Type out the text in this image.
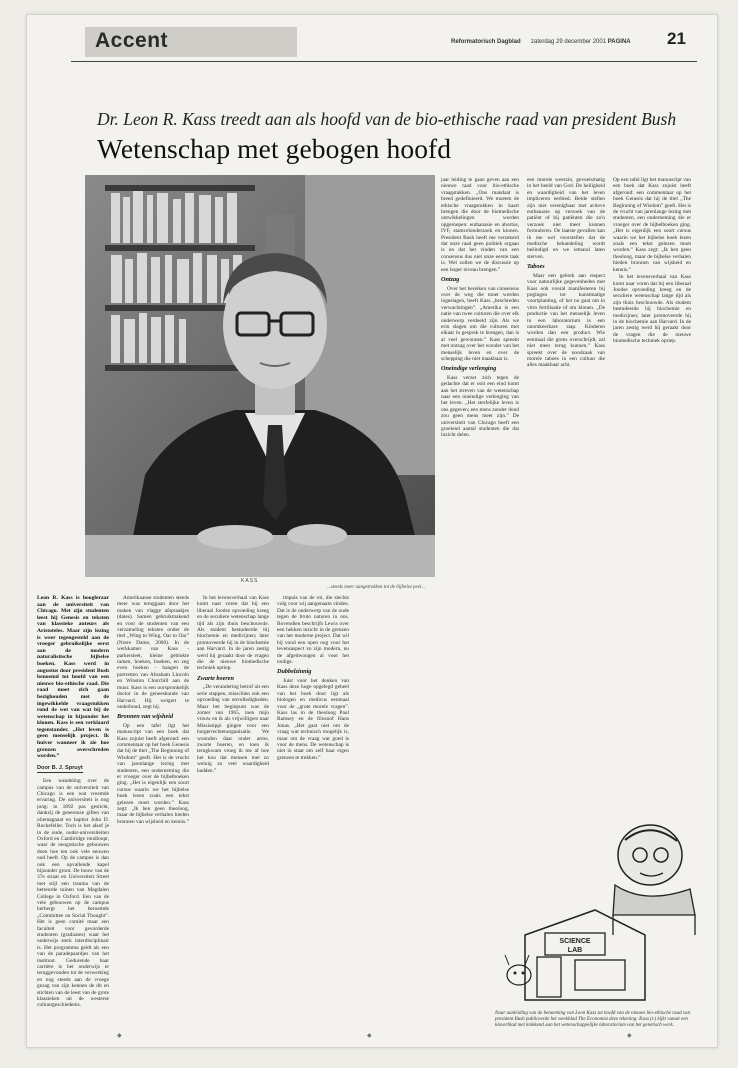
Accent	Reformatorisch Dagblad zaterdag 29 december 2001 PAGINA 21
Dr. Leon R. Kass treedt aan als hoofd van de bio-ethische raad van president Bush
Wetenschap met gebogen hoofd
KASS
...steeds meer aangetrokken tot de bijbelse peel...

Leon R. Kass is hoogleraar aan de universiteit van Chicago. Met zijn studenten leest hij Genesis en teksten van klassieke auteurs als Aristoteles. Maar zijn lezing is weer tegengesteld aan de vroeger gebruikelijke eerst aan de modern naturalistische bijbelse boeken. Kass werd in augustus door president Bush benoemd tot hoofd van een nieuwe bio-ethische raad. Die raad moet zich gaan bezighouden met de ingewikkelde vraagstukken rond de wet van wat bij de wetenschap in bijzonder het klonen. Kass is een verklaard tegenstander. „Het leven is geen menselijk project. Ik huiver wanneer ik zie hoe grenzen overschreden worden.”

Door B. J. Spruyt

Een wandeling over de campus van de universiteit van Chicago is een wat vreemde ervaring. De universiteit is nog jong: in 1892 pas gesticht, dankzij de genereuze giften van oliemagnaat en baptist John D. Rockefeller. Toch is het alsof je in de oude, oudst-universiteiten Oxford en Cambridge rondloopt, waar de neogotische gebouwen doen hoe ten ook vele eeuwen oud heeft. Op de campus is dan ook een opvallende kapel bijzonder groot. De bouw van de 37e straat en Universiteit Street met stijl een trauma van de betreurde tuinen van Magdalen College in Oxford. Een van de vele gebouwen op de campus herbergt het beroemde „Committee on Social Thought”. Het is geen comité maar een faculteit voor gevorderde studenten (graduates) waar het onderwijs sterk interdisciplinair is. Het programma geldt als een van de paradepaardjes van het instituut. Gedurende haar carrière is het onderwijs er teruggevonden tot de verwerking en nog steeds aan de vroege gezag van zijn kennen de dit en stichten van de leest van de grote klassieken uit de westerse cultuurgeschiedenis.

Amerikaanse studenten steeds meer was teruggaan door het maken van vlagge afspraakjes (dates). Samen gebruikmakend en voor de studenten van een verzameling teksten onder de titel „Wing to Wing, Oar to Oar” (Notre Dame, 2000). In de werkkamer van Kass -parkersleet, kleine geblokte ramen, boeken, boeken, en zeg even boeken - hangen de portretten van Abraham Lincoln en Winston Churchill aan de muur. Kass is een oorspronkelijk doctor in de geneeskunde van Harvard. Hij weigert te onderhoud, zegt hij.

Bronnen van wijsheid

Op een tafel ligt het manuscript van een boek dat Kass zojuist heeft afgerond: een commentaar op het boek Genesis dat hij de titel „The Beginning of Wisdom” geeft. Het is de vrucht van jarenlange lezing met studenten, een onderneming die er vroeger over de bijbelboeken ging. „Het is eigenlijk een soort cursus waarin we het bijbelse boek lezen zoals een tekst gelezen moet worden.” Kass zegt: „Ik ben geen theoloog, maar de bijbelse verhalen bieden bronnen van wijsheid en kennis.”

In het levensverhaal van Kass komt naar voren dat hij een liberaal Joodse opvoeding kreeg en de seculiere wetenschap lange tijd als zijn thuis beschouwde. Als student bestudeerde hij biochemie en medicijnen; later promoveerde hij in de biochemie aan Harvard. In de jaren zestig werd hij geraakt door de vragen die de nieuwe biomedische techniek opriep.

Zwarte boeren

„De verandering betrof uit een serie stappen, misschien ook een opvoeding van onvolledigheden. Maar het beginpunt was de zomer van 1965, toen mijn vrouw en ik als vrijwilligers naar Mississippi gingen voor een burgerrechtenorganisatie. We woonden daar onder arme, zwarte boeren, en toen ik terugkwam vroeg ik me af hoe het kon dat mensen met zo weinig zo veel waardigheid hadden.”

impuls van de rol, die slechts volg voor wij aangenaam vinden. Dat is de onderwerp van de oude tegen de bruto naturen in ons. Bovendien beschrijfs Lewis over een hekken inzicht in de grenzen van het moderne project. Dat wil hij vond een open oog voor het levensaspect zo zijn modern, nu de afgedwongen al voor het nodige.

Dubbelzinnig

Juist voor het denken van Kass deze hoge opgelegd geheel van het boek door ligt als biologen en medicus eenmaal voor de „grote morele vragen”. Kass las in de theoloog Paul Ramsey en de filosoof Hans Jonas. „Het gaat niet om de vraag wat technisch mogelijk is, maar om de vraag wat goed is voor de mens. De wetenschap is niet in staat om zelf haar eigen grenzen te trekken.”

jaar leiding te gaan geven aan een nieuwe raad voor bio-ethische vraagstukken. „Ons mandaat is breed gedefinieerd. We moeten de ethische vraagstukken in kaart brengen die door de biomedische ontwikkelingen worden opgeroepen: euthanasie en abortus, IVF, stamcelonderzoek en klonen. President Bush heeft me verzekerd dat onze raad geen politiek orgaan is en dat het vinden van een consensus dus niet onze eerste taak is. Wel zullen we de discussie op een hoger niveau brengen.”

Ontzag

Over het bereiken van consensus over de weg die moet worden ingeslagen, heeft Kass „beschreden verwachtingen”. „Amerika is een natie van twee culturen die over elk onderwerp verdeeld zijn. Als we erin slagen om die culturen met elkaar in gesprek te brengen, dan is al veel gewonnen.” Kass spreekt met ontzag over het wonder van het menselijk leven en over de schepping die niet maakbaar is.

Oneindige verlenging

Kass verzet zich tegen de gedachte dat er ooit een eind komt aan het streven van de wetenschap naar een oneindige verlenging van het leven. „Het sterfelijke leven is ons gegeven; een mens zonder dood zou geen mens meer zijn.” De universiteit van Chicago heeft een groeiend aantal studenten die dat inzicht delen.

een morele weerzin, gevoelsmatig in het beeld van God. De heiligheid en waardigheid van het leven impliceren eerbied. Beide stellen zijn niet verenigbaar met actieve euthanasie op verzoek van de patiënt of bij patiënten die zo'n verzoek niet meer kunnen formuleren. De laatste gevallen kan ik me wel voorstellen dat de medische behandeling wordt beëindigd en we iemand laten sterven.

Taboes

Maar een gebrek aan respect voor natuurlijke gegevenheden met Kass ook vooral manifesteren bij pogingen tot kunstmatige voortplanting, of het nu gaat om in vitro fertilisatie of om klonen. „De productie van het menselijk leven in een laboratorium is een onomkeerbare stap. Kinderen worden dan een product. Wie eenmaal die grens overschrijdt, zal niet meer terug kunnen.” Kass spreekt over de noodzaak van morele taboes in een cultuur die alles maakbaar acht.

Op een tafel ligt het manuscript van een boek dat Kass zojuist heeft afgerond: een commentaar op het boek Genesis dat hij de titel „The Beginning of Wisdom” geeft. Het is de vrucht van jarenlange lezing met studenten, een onderneming die er vroeger over de bijbelboeken ging. „Het is eigenlijk een soort cursus waarin we het bijbelse boek lezen zoals een tekst gelezen moet worden.” Kass zegt: „Ik ben geen theoloog, maar de bijbelse verhalen bieden bronnen van wijsheid en kennis.”

In het levensverhaal van Kass komt naar voren dat hij een liberaal Joodse opvoeding kreeg en de seculiere wetenschap lange tijd als zijn thuis beschouwde. Als student bestudeerde hij biochemie en medicijnen; later promoveerde hij in de biochemie aan Harvard. In de jaren zestig werd hij geraakt door de vragen die de nieuwe biomedische techniek opriep.

SCIENCE
LAB
Naar aanleiding van de benoeming van Leon Kass tot hoofd van de nieuwe bio-ethische raad van president Bush publiceerde het weekblad The Economist deze tekening: Kass (r.) kijkt vanuit een klaverblad met knikkend aan het wetenschappelijke laboratorium van het genetisch werk.
◆	◆	◆
